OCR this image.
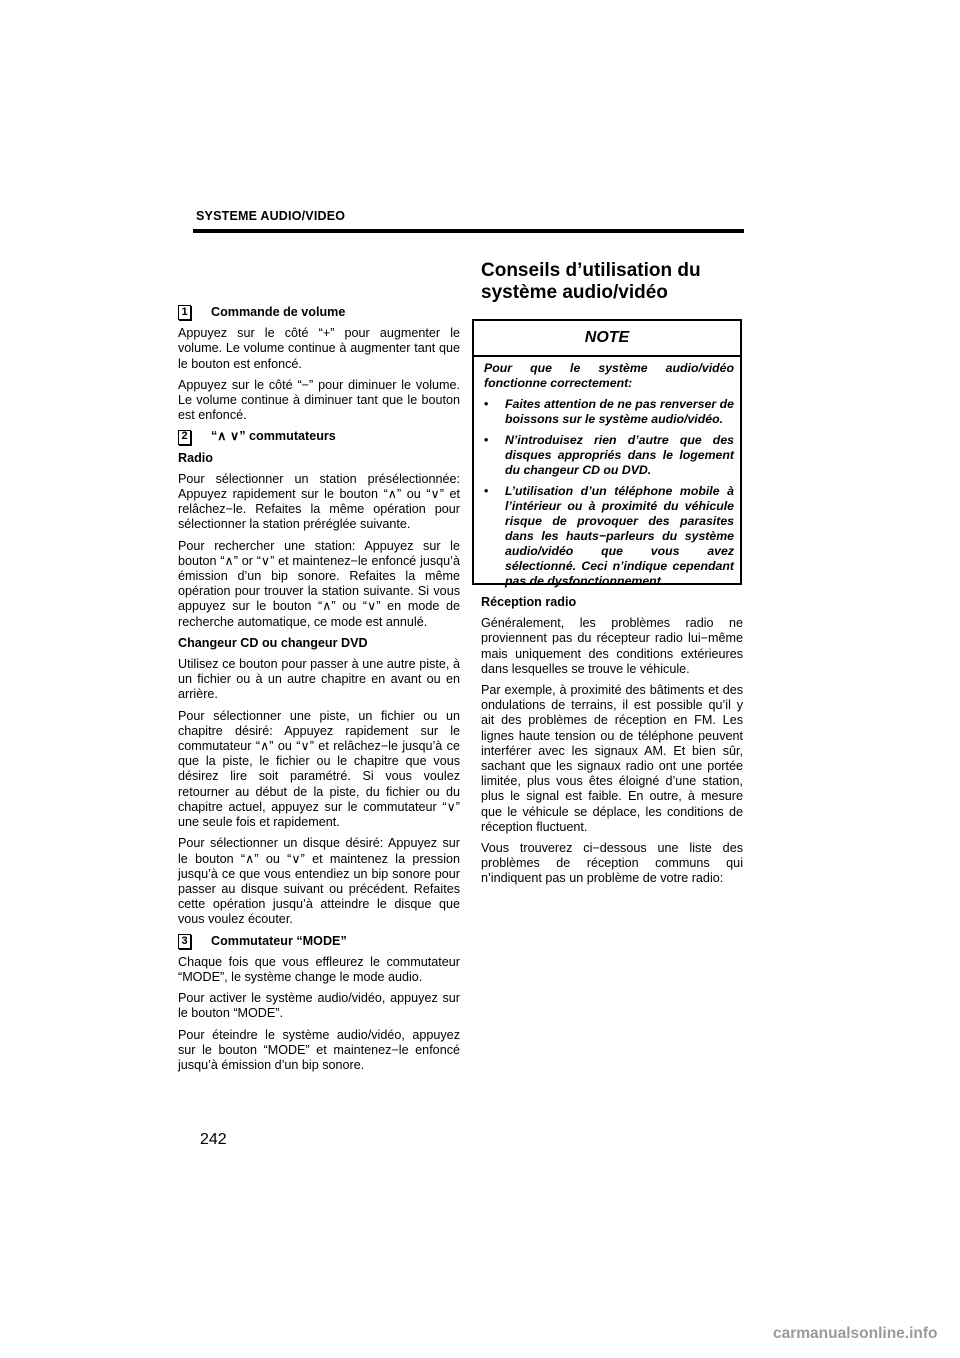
SYSTEME AUDIO/VIDEO
Conseils d’utilisation du
système audio/vidéo
1 Commande de volume

Appuyez sur le côté “+” pour augmenter le volume. Le volume continue à augmenter tant que le bouton est enfoncé.

Appuyez sur le côté “−” pour diminuer le volume. Le volume continue à diminuer tant que le bouton est enfoncé.

2 “∧ ∨” commutateurs
Radio

Pour sélectionner un station présélectionnée: Appuyez rapidement sur le bouton “∧” ou “∨” et relâchez−le. Refaites la même opération pour sélectionner la station préréglée suivante.

Pour rechercher une station: Appuyez sur le bouton “∧” or “∨” et maintenez−le enfoncé jusqu’à émission d’un bip sonore. Refaites la même opération pour trouver la station suivante. Si vous appuyez sur le bouton “∧” ou “∨” en mode de recherche automatique, ce mode est annulé.

Changeur CD ou changeur DVD

Utilisez ce bouton pour passer à une autre piste, à un fichier ou à un autre chapitre en avant ou en arrière.

Pour sélectionner une piste, un fichier ou un chapitre désiré: Appuyez rapidement sur le commutateur “∧” ou “∨” et relâchez−le jusqu’à ce que la piste, le fichier ou le chapitre que vous désirez lire soit paramétré. Si vous voulez retourner au début de la piste, du fichier ou du chapitre actuel, appuyez sur le commutateur “∨” une seule fois et rapidement.

Pour sélectionner un disque désiré: Appuyez sur le bouton “∧” ou “∨” et maintenez la pression jusqu’à ce que vous entendiez un bip sonore pour passer au disque suivant ou précédent. Refaites cette opération jusqu’à atteindre le disque que vous voulez écouter.

3 Commutateur “MODE”

Chaque fois que vous effleurez le commutateur “MODE”, le système change le mode audio.

Pour activer le système audio/vidéo, appuyez sur le bouton “MODE”.

Pour éteindre le système audio/vidéo, appuyez sur le bouton “MODE” et maintenez−le enfoncé jusqu’à émission d’un bip sonore.

NOTE

Pour que le système audio/vidéo fonctionne correctement:

•	Faites attention de ne pas renverser de boissons sur le système audio/vidéo.
•	N’introduisez rien d’autre que des disques appropriés dans le logement du changeur CD ou DVD.
•	L’utilisation d’un téléphone mobile à l’intérieur ou à proximité du véhicule risque de provoquer des parasites dans les hauts−parleurs du système audio/vidéo que vous avez sélectionné. Ceci n’indique cependant pas de dysfonctionnement.
Réception radio

Généralement, les problèmes radio ne proviennent pas du récepteur radio lui−même mais uniquement des conditions extérieures dans lesquelles se trouve le véhicule.

Par exemple, à proximité des bâtiments et des ondulations de terrains, il est possible qu’il y ait des problèmes de réception en FM. Les lignes haute tension ou de téléphone peuvent interférer avec les signaux AM. Et bien sûr, sachant que les signaux radio ont une portée limitée, plus vous êtes éloigné d’une station, plus le signal est faible. En outre, à mesure que le véhicule se déplace, les conditions de réception fluctuent.

Vous trouverez ci−dessous une liste des problèmes de réception communs qui n’indiquent pas un problème de votre radio:

242
carmanualsonline.info
